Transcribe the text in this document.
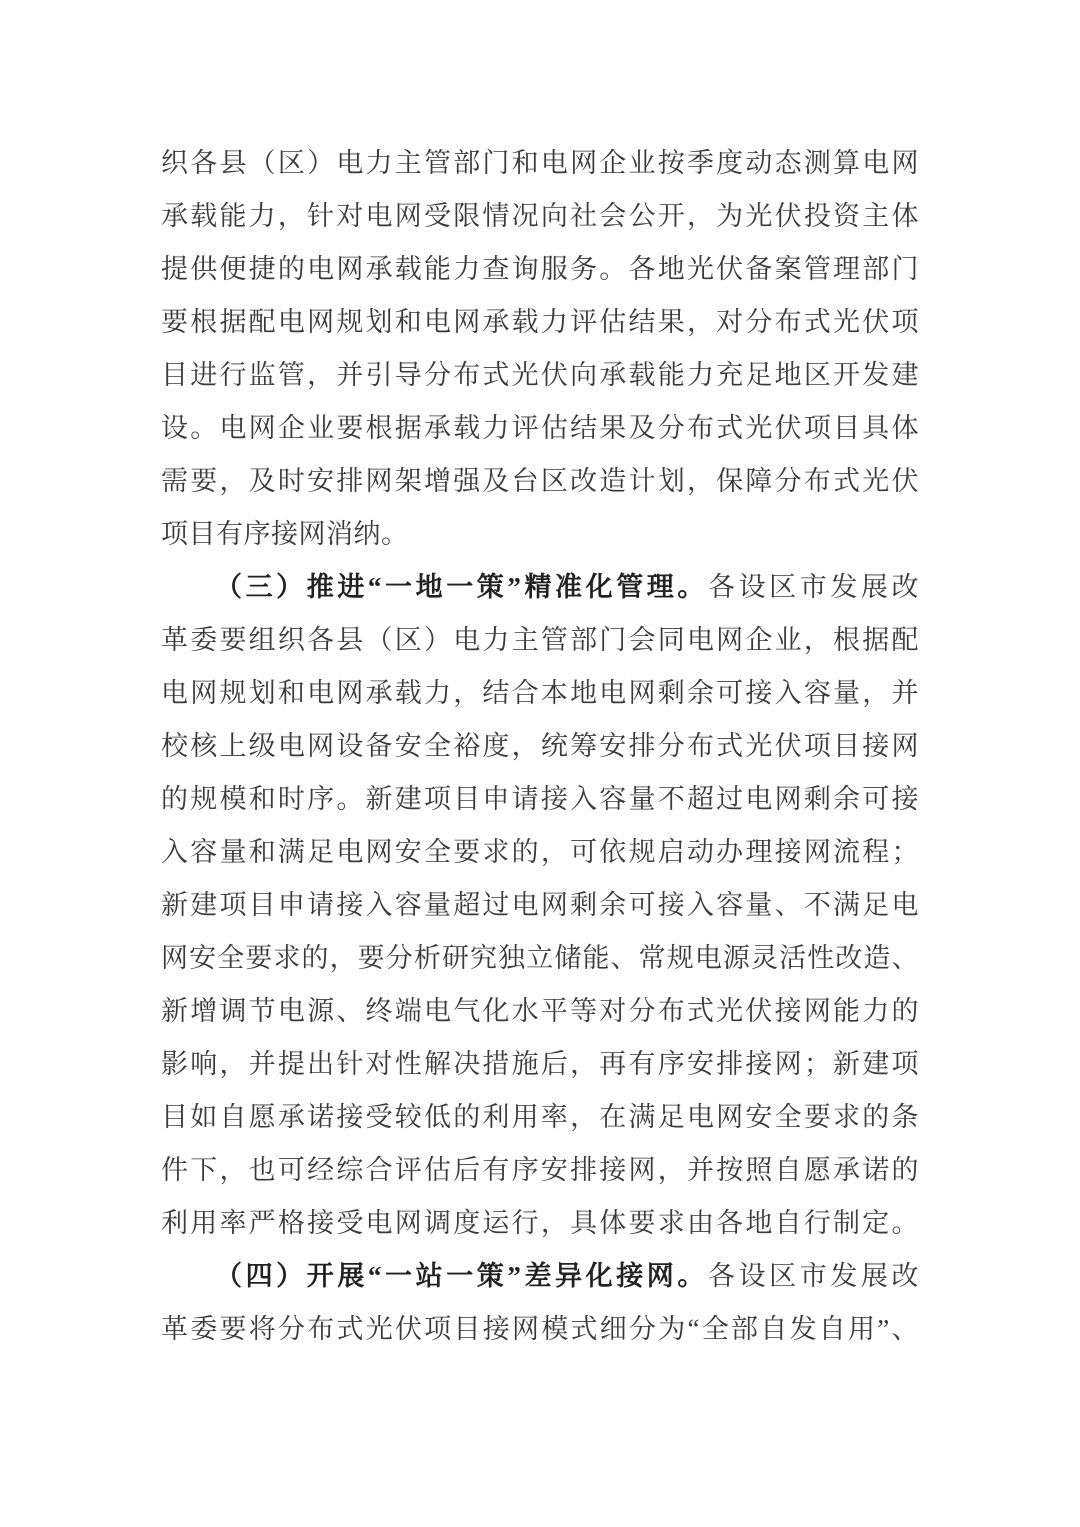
织各县（区）电力主管部门和电网企业按季度动态测算电网
承载能力，针对电网受限情况向社会公开，为光伏投资主体
提供便捷的电网承载能力查询服务。各地光伏备案管理部门
要根据配电网规划和电网承载力评估结果，对分布式光伏项
目进行监管，并引导分布式光伏向承载能力充足地区开发建
设。电网企业要根据承载力评估结果及分布式光伏项目具体
需要，及时安排网架增强及台区改造计划，保障分布式光伏
项目有序接网消纳。
（三）推进“一地一策”精准化管理。各设区市发展改
革委要组织各县（区）电力主管部门会同电网企业，根据配
电网规划和电网承载力，结合本地电网剩余可接入容量，并
校核上级电网设备安全裕度，统筹安排分布式光伏项目接网
的规模和时序。新建项目申请接入容量不超过电网剩余可接
入容量和满足电网安全要求的，可依规启动办理接网流程；
新建项目申请接入容量超过电网剩余可接入容量、不满足电
网安全要求的，要分析研究独立储能、常规电源灵活性改造、
新增调节电源、终端电气化水平等对分布式光伏接网能力的
影响，并提出针对性解决措施后，再有序安排接网；新建项
目如自愿承诺接受较低的利用率，在满足电网安全要求的条
件下，也可经综合评估后有序安排接网，并按照自愿承诺的
利用率严格接受电网调度运行，具体要求由各地自行制定。
（四）开展“一站一策”差异化接网。各设区市发展改
革委要将分布式光伏项目接网模式细分为“全部自发自用”、
